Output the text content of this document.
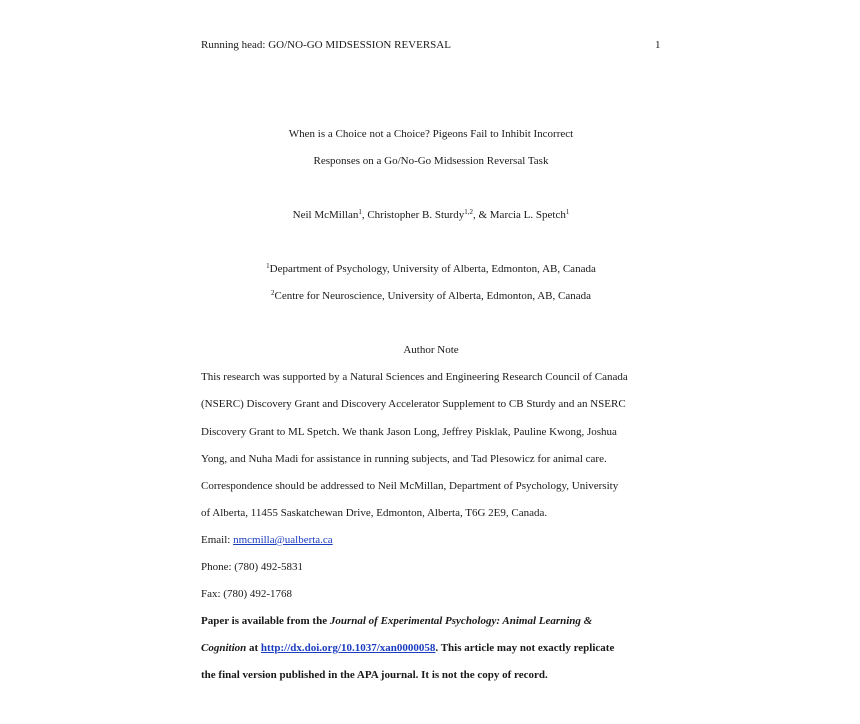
Running head: GO/NO-GO MIDSESSION REVERSAL	1
When is a Choice not a Choice? Pigeons Fail to Inhibit Incorrect
Responses on a Go/No-Go Midsession Reversal Task
Neil McMillan$^1$, Christopher B. Sturdy$^{1,2}$, & Marcia L. Spetch$^1$
$^1$Department of Psychology, University of Alberta, Edmonton, AB, Canada
$^2$Centre for Neuroscience, University of Alberta, Edmonton, AB, Canada
Author Note
This research was supported by a Natural Sciences and Engineering Research Council of Canada
(NSERC) Discovery Grant and Discovery Accelerator Supplement to CB Sturdy and an NSERC
Discovery Grant to ML Spetch. We thank Jason Long, Jeffrey Pisklak, Pauline Kwong, Joshua
Yong, and Nuha Madi for assistance in running subjects, and Tad Plesowicz for animal care.
Correspondence should be addressed to Neil McMillan, Department of Psychology, University
of Alberta, 11455 Saskatchewan Drive, Edmonton, Alberta, T6G 2E9, Canada.
Email: nmcmilla@ualberta.ca
Phone: (780) 492-5831
Fax: (780) 492-1768
Paper is available from the Journal of Experimental Psychology: Animal Learning &
Cognition at http://dx.doi.org/10.1037/xan0000058. This article may not exactly replicate
the final version published in the APA journal. It is not the copy of record.
